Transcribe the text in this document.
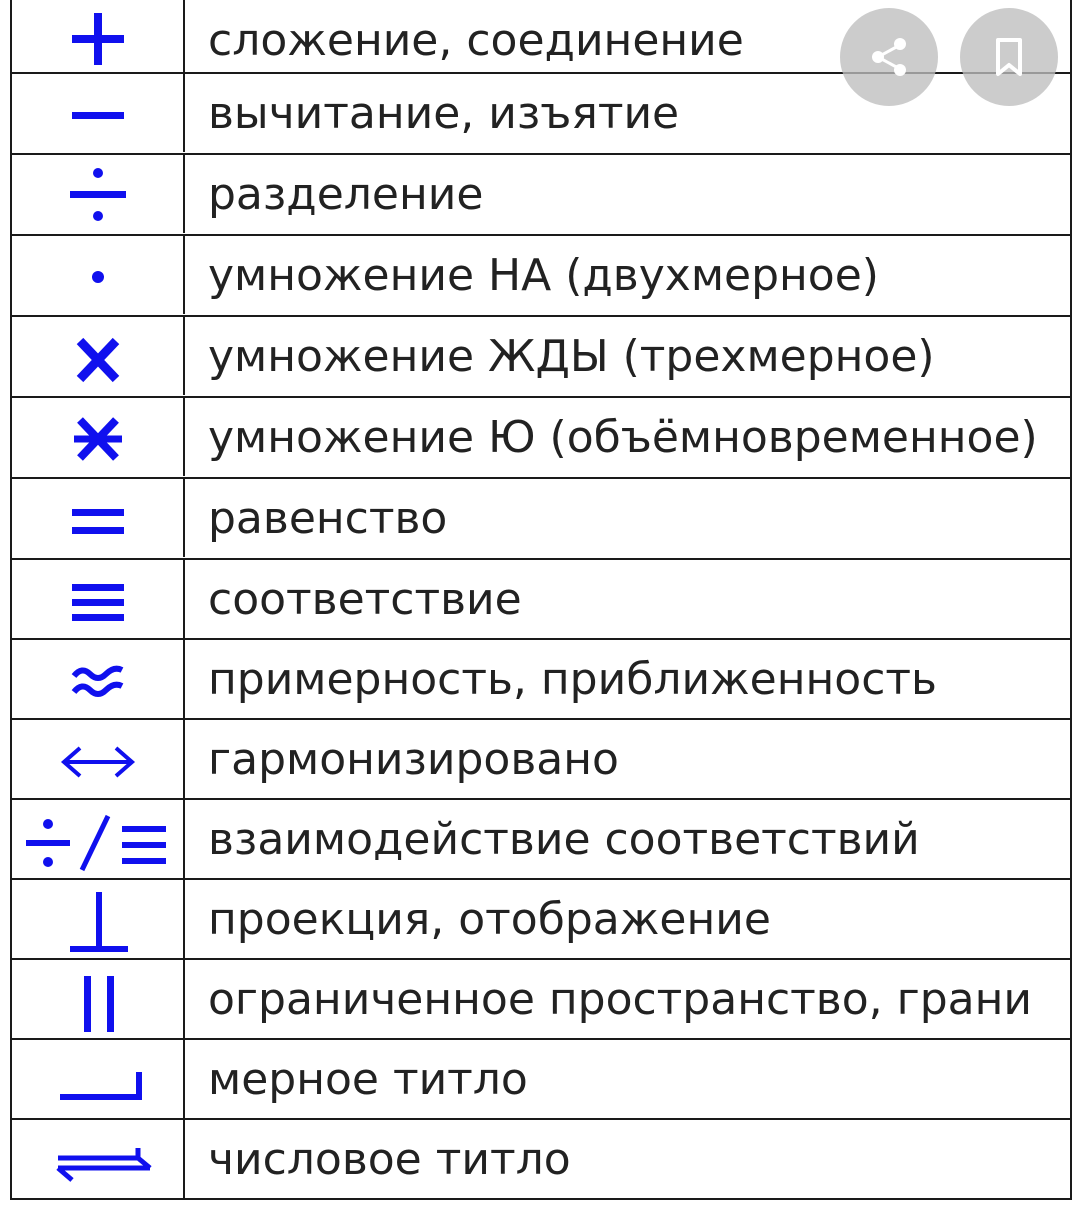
сложение, соединение
вычитание, изъятие
разделение
умножение НА (двухмерное)
умножение ЖДЫ (трехмерное)
умножение Ю (объёмновременное)
равенство
соответствие
примерность, приближенность
гармонизировано
взаимодействие соответствий
проекция, отображение
ограниченное пространство, грани
мерное титло
числовое титло
